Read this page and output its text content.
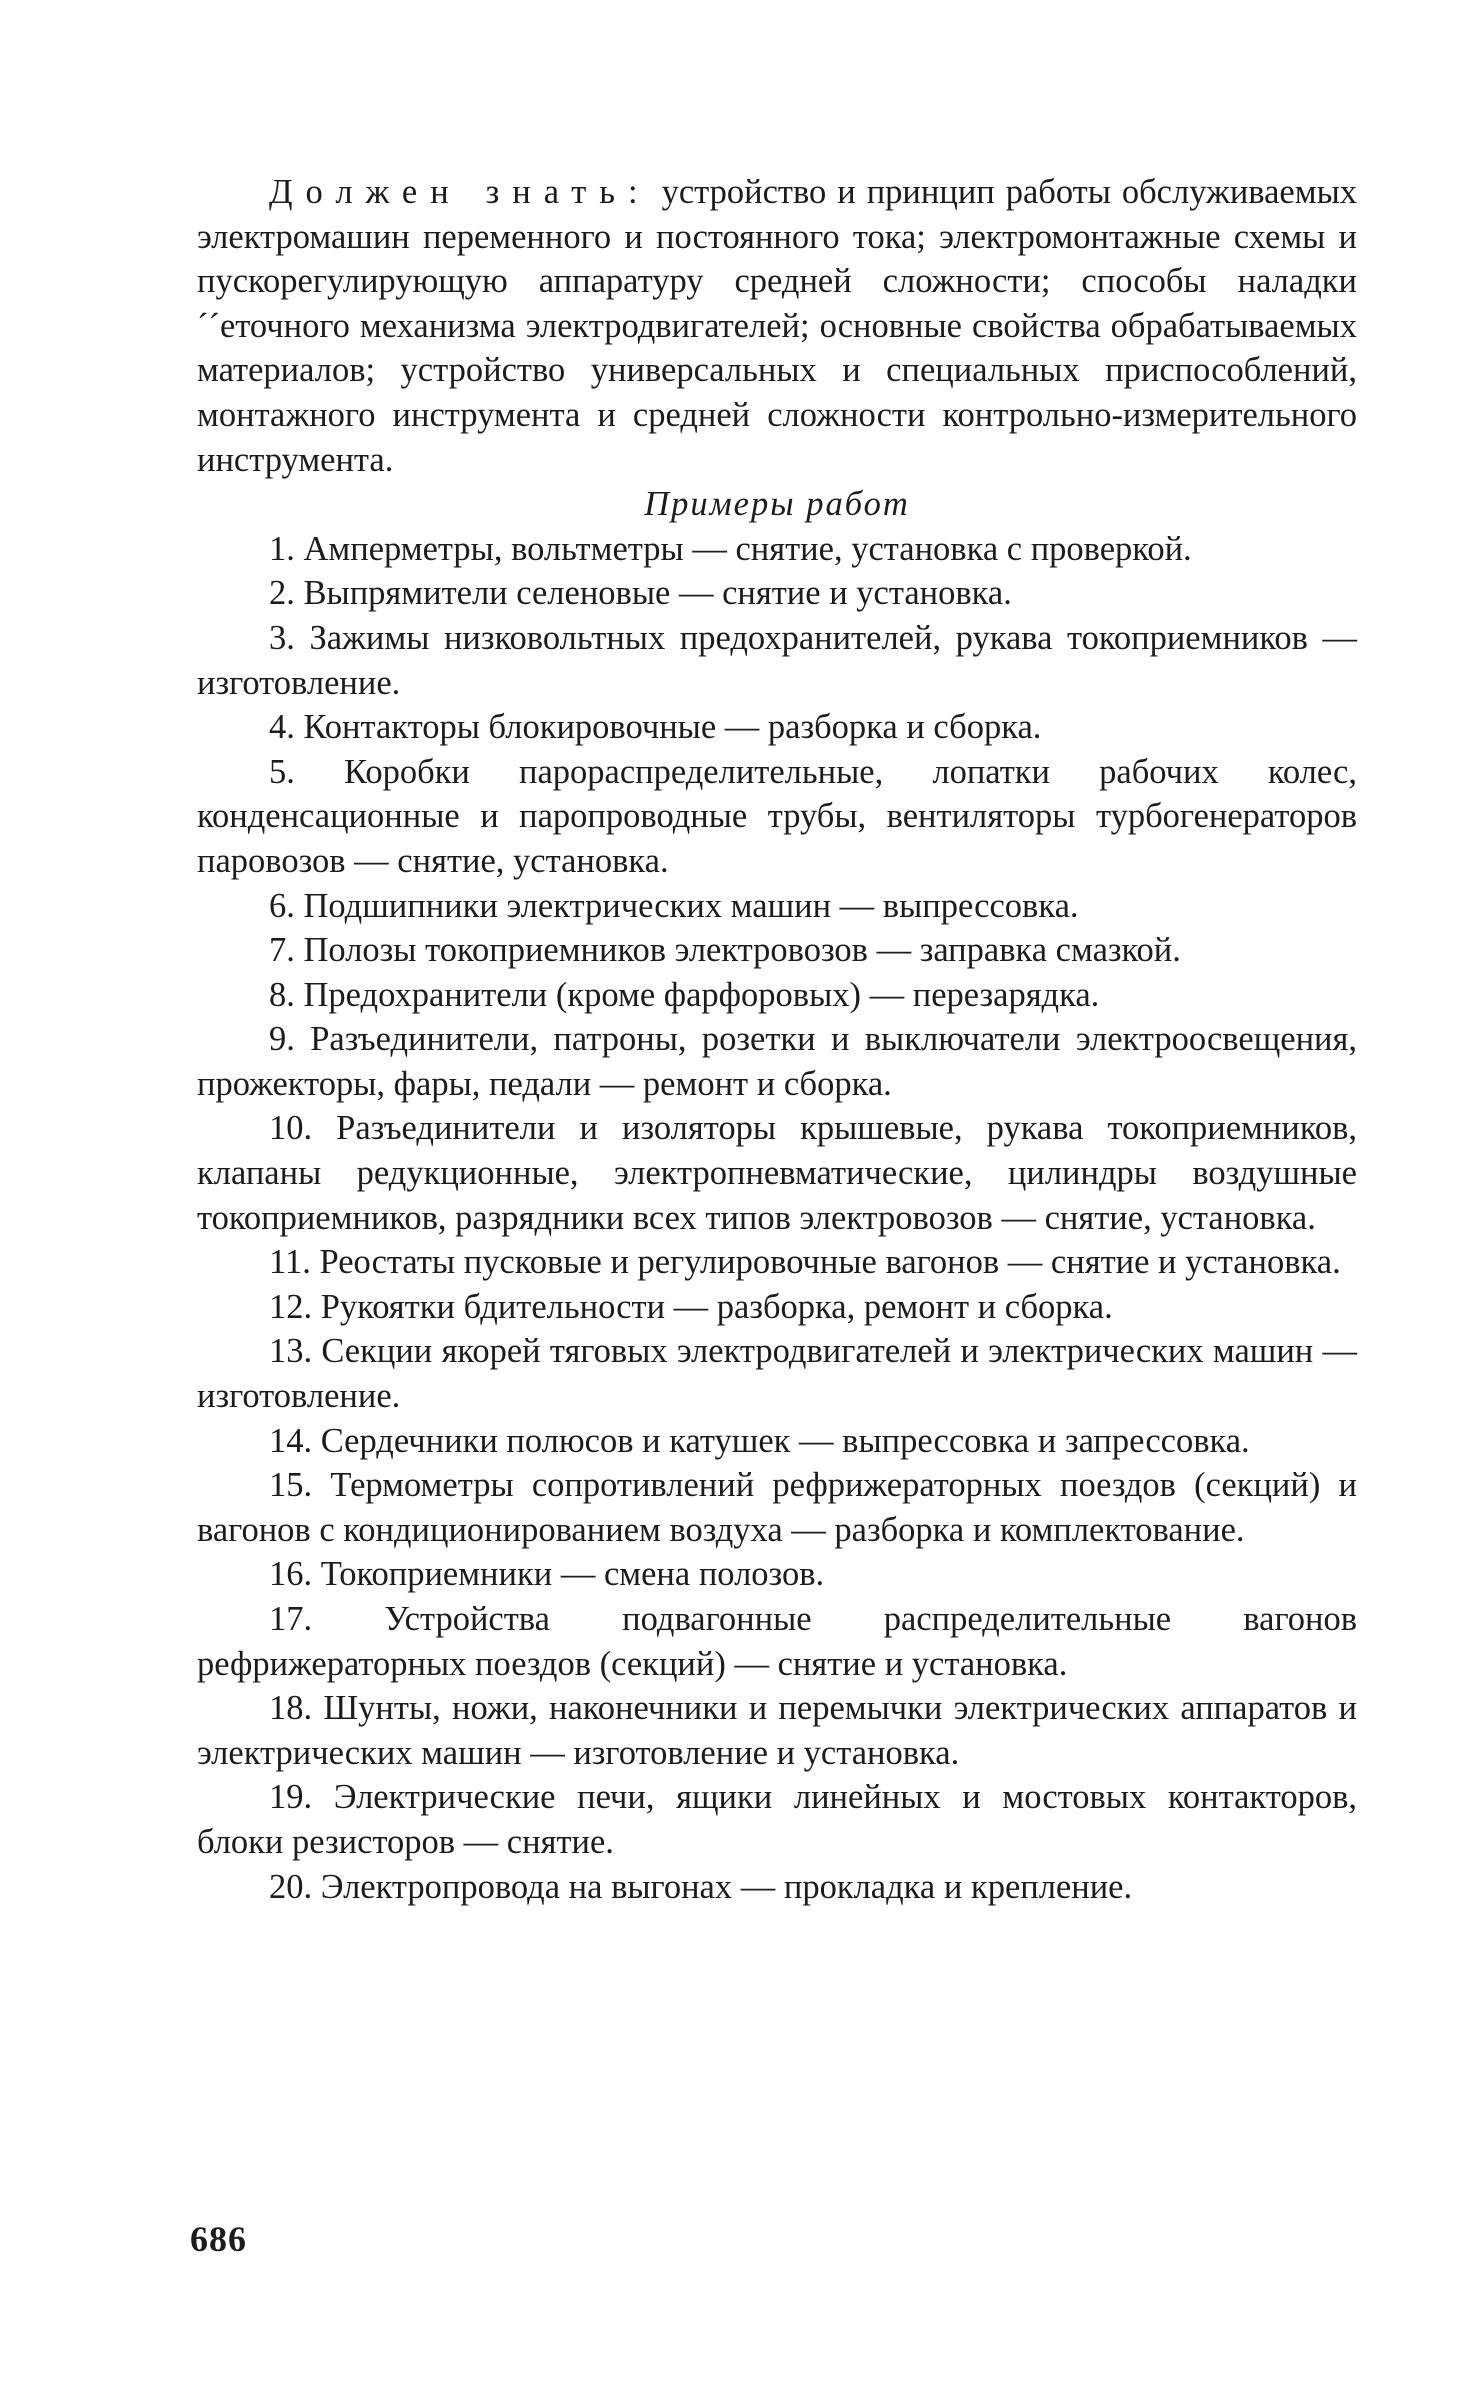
Должен знать: устройство и принцип работы обслуживаемых электромашин переменного и постоянного тока; электромонтажные схемы и пускорегулирующую аппаратуру средней сложности; способы наладки ´´еточного механизма электродвигателей; основные свойства обрабатываемых материалов; устройство универсальных и специальных приспособлений, монтажного инструмента и средней сложности контрольно-измерительного инструмента.

Примеры работ

1. Амперметры, вольтметры — снятие, установка с проверкой.

2. Выпрямители селеновые — снятие и установка.

3. Зажимы низковольтных предохранителей, рукава токоприемников — изготовление.

4. Контакторы блокировочные — разборка и сборка.

5. Коробки парораспределительные, лопатки рабочих колес, конденсационные и паропроводные трубы, вентиляторы турбогенераторов паровозов — снятие, установка.

6. Подшипники электрических машин — выпрессовка.

7. Полозы токоприемников электровозов — заправка смазкой.

8. Предохранители (кроме фарфоровых) — перезарядка.

9. Разъединители, патроны, розетки и выключатели электроосвещения, прожекторы, фары, педали — ремонт и сборка.

10. Разъединители и изоляторы крышевые, рукава токоприемников, клапаны редукционные, электропневматические, цилиндры воздушные токоприемников, разрядники всех типов электровозов — снятие, установка.

11. Реостаты пусковые и регулировочные вагонов — снятие и установка.

12. Рукоятки бдительности — разборка, ремонт и сборка.

13. Секции якорей тяговых электродвигателей и электрических машин — изготовление.

14. Сердечники полюсов и катушек — выпрессовка и запрессовка.

15. Термометры сопротивлений рефрижераторных поездов (секций) и вагонов с кондиционированием воздуха — разборка и комплектование.

16. Токоприемники — смена полозов.

17. Устройства подвагонные распределительные вагонов рефрижераторных поездов (секций) — снятие и установка.

18. Шунты, ножи, наконечники и перемычки электрических аппаратов и электрических машин — изготовление и установка.

19. Электрические печи, ящики линейных и мостовых контакторов, блоки резисторов — снятие.

20. Электропровода на выгонах — прокладка и крепление.

686
